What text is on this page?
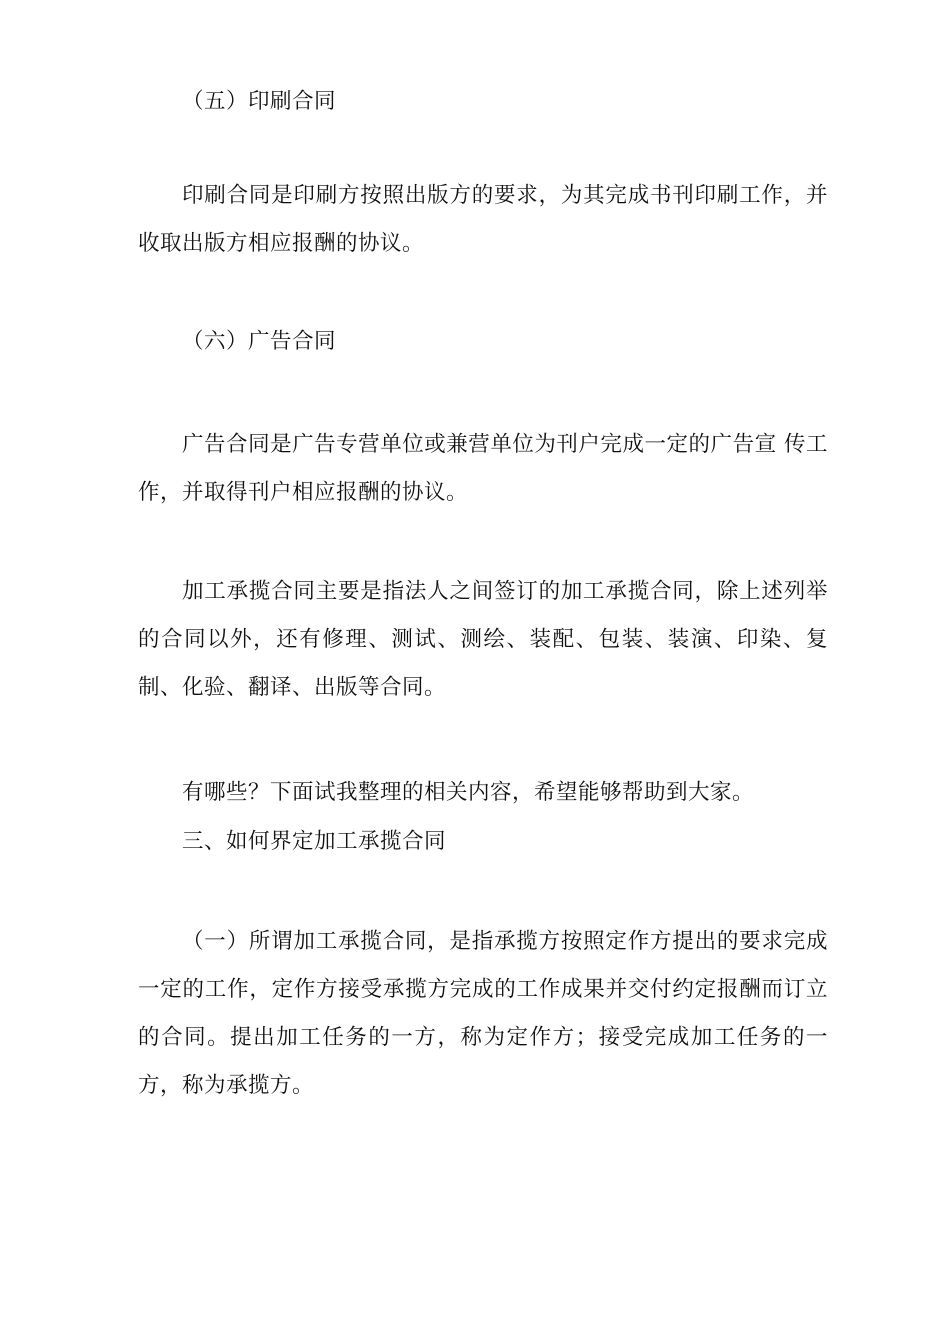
（五）印刷合同

印刷合同是印刷方按照出版方的要求，为其完成书刊印刷工作，并收取出版方相应报酬的协议。

（六）广告合同

广告合同是广告专营单位或兼营单位为刊户完成一定的广告宣 传工作，并取得刊户相应报酬的协议。

加工承揽合同主要是指法人之间签订的加工承揽合同，除上述列举的合同以外，还有修理、测试、测绘、装配、包装、装演、印染、复制、化验、翻译、出版等合同。

有哪些？下面试我整理的相关内容，希望能够帮助到大家。

三、如何界定加工承揽合同

（一）所谓加工承揽合同，是指承揽方按照定作方提出的要求完成一定的工作，定作方接受承揽方完成的工作成果并交付约定报酬而订立的合同。提出加工任务的一方，称为定作方；接受完成加工任务的一方，称为承揽方。
